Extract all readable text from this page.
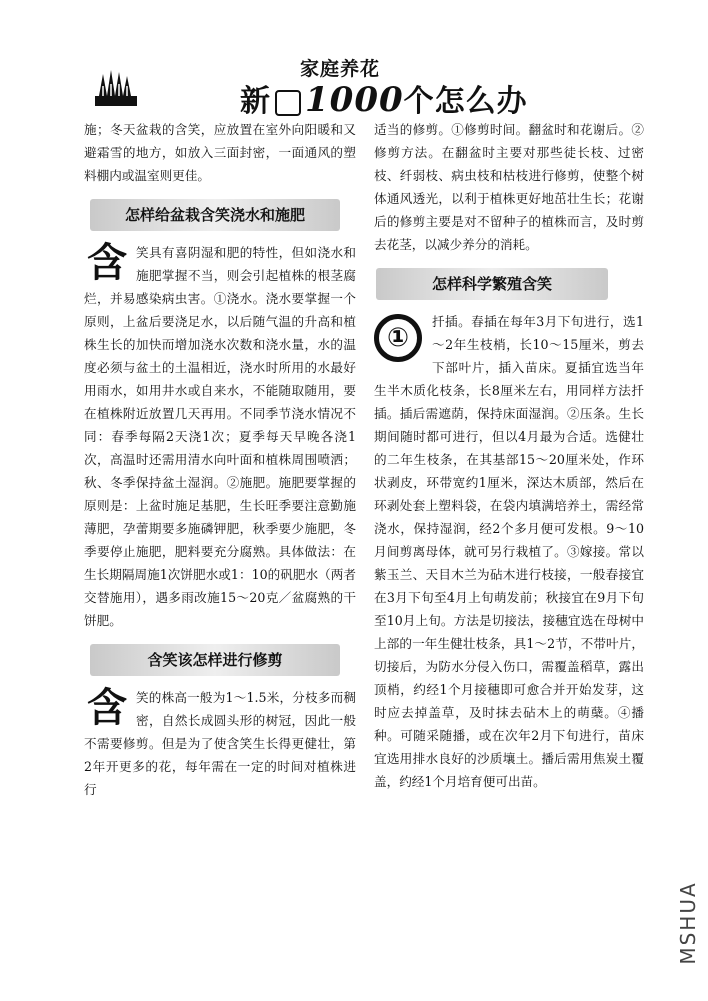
家庭养花
新 1000个怎么办

施；冬天盆栽的含笑，应放置在室外向阳暖和又避霜雪的地方，如放入三面封密，一面通风的塑料棚内或温室则更佳。

怎样给盆栽含笑浇水和施肥

含笑具有喜阴湿和肥的特性，但如浇水和施肥掌握不当，则会引起植株的根茎腐烂，并易感染病虫害。①浇水。浇水要掌握一个原则，上盆后要浇足水，以后随气温的升高和植株生长的加快而增加浇水次数和浇水量，水的温度必须与盆土的土温相近，浇水时所用的水最好用雨水，如用井水或自来水，不能随取随用，要在植株附近放置几天再用。不同季节浇水情况不同：春季每隔2天浇1次；夏季每天早晚各浇1次，高温时还需用清水向叶面和植株周围喷洒；秋、冬季保持盆土湿润。②施肥。施肥要掌握的原则是：上盆时施足基肥，生长旺季要注意勤施薄肥，孕蕾期要多施磷钾肥，秋季要少施肥，冬季要停止施肥，肥料要充分腐熟。具体做法：在生长期隔周施1次饼肥水或1：10的矾肥水（两者交替施用），遇多雨改施15～20克／盆腐熟的干饼肥。

含笑该怎样进行修剪

含笑的株高一般为1～1.5米，分枝多而稠密，自然长成圆头形的树冠，因此一般不需要修剪。但是为了使含笑生长得更健壮，第2年开更多的花，每年需在一定的时间对植株进行

适当的修剪。①修剪时间。翻盆时和花谢后。②修剪方法。在翻盆时主要对那些徒长枝、过密枝、纤弱枝、病虫枝和枯枝进行修剪，使整个树体通风透光，以利于植株更好地茁壮生长；花谢后的修剪主要是对不留种子的植株而言，及时剪去花茎，以减少养分的消耗。

怎样科学繁殖含笑

①
扦插。春插在每年3月下旬进行，选1～2年生枝梢，长10～15厘米，剪去下部叶片，插入苗床。夏插宜选当年生半木质化枝条，长8厘米左右，用同样方法扦插。插后需遮荫，保持床面湿润。②压条。生长期间随时都可进行，但以4月最为合适。选健壮的二年生枝条，在其基部15～20厘米处，作环状剥皮，环带宽约1厘米，深达木质部，然后在环剥处套上塑料袋，在袋内填满培养土，需经常浇水，保持湿润，经2个多月便可发根。9～10月间剪离母体，就可另行栽植了。③嫁接。常以紫玉兰、天目木兰为砧木进行枝接，一般春接宜在3月下旬至4月上旬萌发前；秋接宜在9月下旬至10月上旬。方法是切接法，接穗宜选在母树中上部的一年生健壮枝条，具1～2节，不带叶片，切接后，为防水分侵入伤口，需覆盖稻草，露出顶梢，约经1个月接穗即可愈合并开始发芽，这时应去掉盖草，及时抹去砧木上的萌蘖。④播种。可随采随播，或在次年2月下旬进行，苗床宜选用排水良好的沙质壤土。播后需用焦炭土覆盖，约经1个月培育便可出苗。

MSHUA
